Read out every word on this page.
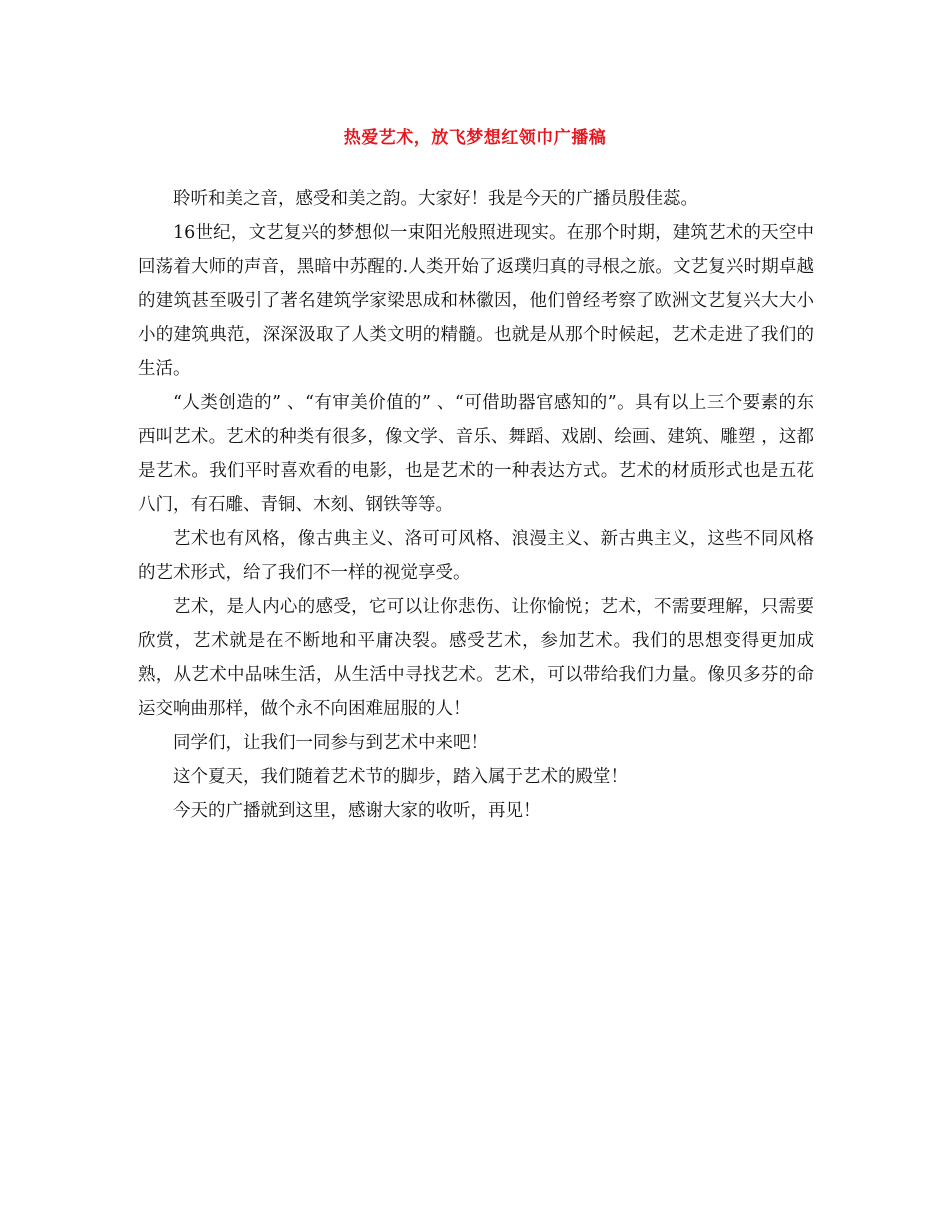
热爱艺术，放飞梦想红领巾广播稿

聆听和美之音，感受和美之韵。大家好！我是今天的广播员殷佳蕊。

16世纪，文艺复兴的梦想似一束阳光般照进现实。在那个时期，建筑艺术的天空中回荡着大师的声音，黑暗中苏醒的.人类开始了返璞归真的寻根之旅。文艺复兴时期卓越的建筑甚至吸引了著名建筑学家梁思成和林徽因，他们曾经考察了欧洲文艺复兴大大小小的建筑典范，深深汲取了人类文明的精髓。也就是从那个时候起，艺术走进了我们的生活。

“人类创造的” 、“有审美价值的” 、“可借助器官感知的”。具有以上三个要素的东西叫艺术。艺术的种类有很多，像文学、音乐、舞蹈、戏剧、绘画、建筑、雕塑 ，这都是艺术。我们平时喜欢看的电影，也是艺术的一种表达方式。艺术的材质形式也是五花八门，有石雕、青铜、木刻、钢铁等等。

艺术也有风格，像古典主义、洛可可风格、浪漫主义、新古典主义，这些不同风格的艺术形式，给了我们不一样的视觉享受。

艺术，是人内心的感受，它可以让你悲伤、让你愉悦；艺术，不需要理解，只需要欣赏，艺术就是在不断地和平庸决裂。感受艺术，参加艺术。我们的思想变得更加成熟，从艺术中品味生活，从生活中寻找艺术。艺术，可以带给我们力量。像贝多芬的命运交响曲那样，做个永不向困难屈服的人！

同学们，让我们一同参与到艺术中来吧！

这个夏天，我们随着艺术节的脚步，踏入属于艺术的殿堂！

今天的广播就到这里，感谢大家的收听，再见！
